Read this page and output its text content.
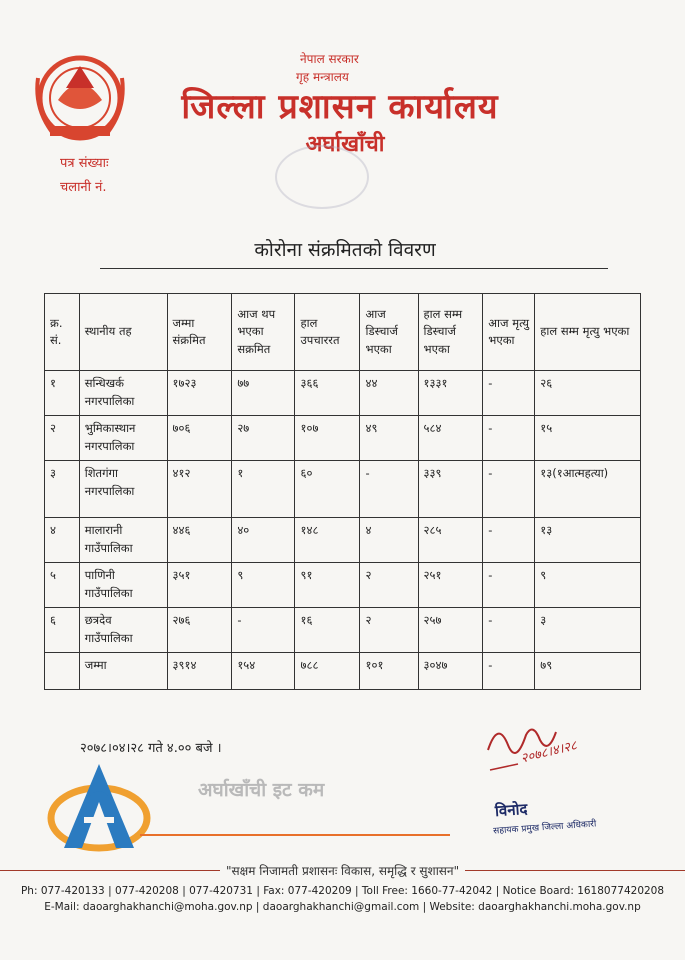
नेपाल सरकार
गृह मन्त्रालय
जिल्ला प्रशासन कार्यालय
अर्घाखाँची
पत्र संख्याः
चलानी नं.
कोरोना संक्रमितको विवरण
क्र. सं.	स्थानीय तह	जम्मा संक्रमित	आज थप भएका सक्रमित	हाल उपचाररत	आज डिस्चार्ज भएका	हाल सम्म डिस्चार्ज भएका	आज मृत्यु भएका	हाल सम्म मृत्यु भएका
१	सन्धिखर्क नगरपालिका	१७२३	७७	३६६	४४	१३३१	-	२६
२	भुमिकास्थान नगरपालिका	७०६	२७	१०७	४९	५८४	-	१५
३	शितगंगा नगरपालिका	४१२	१	६०	-	३३९	-	१३(१आत्महत्या)
४	मालारानी गाउँपालिका	४४६	४०	१४८	४	२८५	-	१३
५	पाणिनी गाउँपालिका	३५१	९	९१	२	२५१	-	९
६	छत्रदेव गाउँपालिका	२७६	-	१६	२	२५७	-	३
	जम्मा	३९१४	१५४	७८८	१०१	३०४७	-	७९
२०७८।०४।२८ गते ४.०० बजे ।	२०७८।४।२८
विनोद
सहायक प्रमुख जिल्ला अधिकारी
अर्घाखाँची इट कम
"सक्षम निजामती प्रशासनः विकास, समृद्धि र सुशासन"
Ph: 077-420133 | 077-420208 | 077-420731 | Fax: 077-420209 | Toll Free: 1660-77-42042 | Notice Board: 1618077420208
E-Mail: daoarghakhanchi@moha.gov.np | daoarghakhanchi@gmail.com | Website: daoarghakhanchi.moha.gov.np
